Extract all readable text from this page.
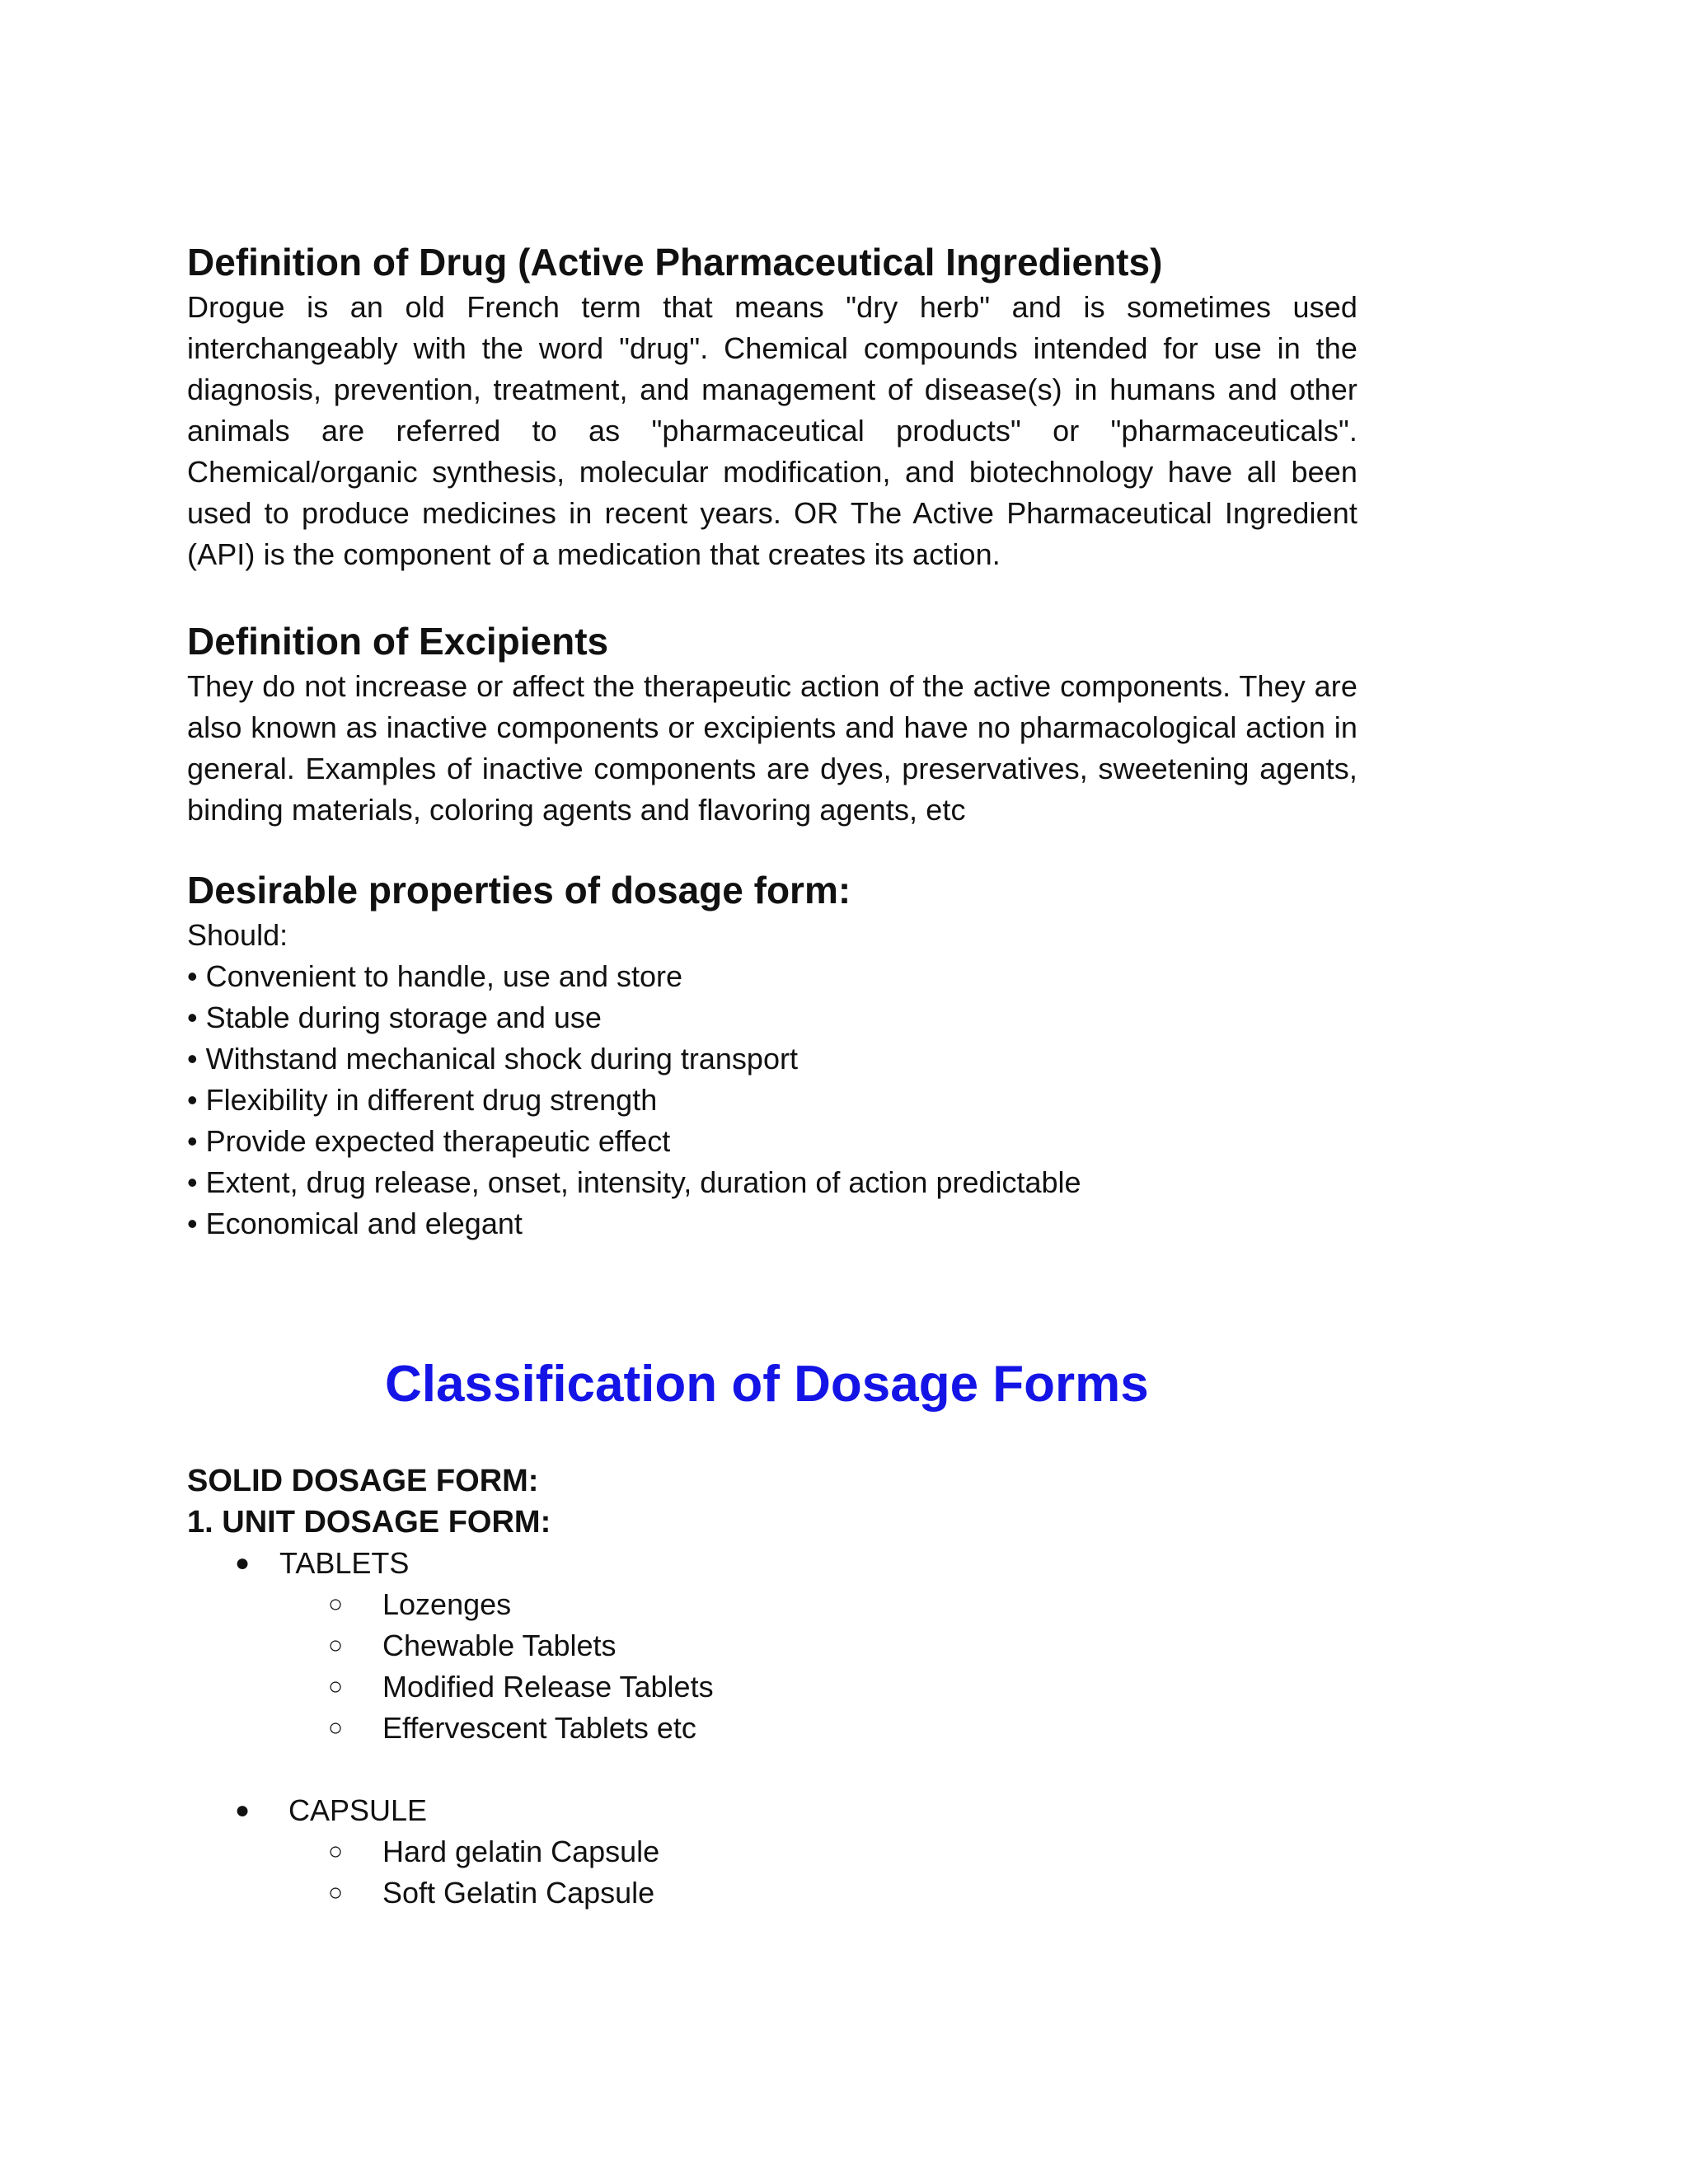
Definition of Drug (Active Pharmaceutical Ingredients)

Drogue is an old French term that means "dry herb" and is sometimes used interchangeably with the word "drug". Chemical compounds intended for use in the diagnosis, prevention, treatment, and management of disease(s) in humans and other animals are referred to as "pharmaceutical products" or "pharmaceuticals". Chemical/organic synthesis, molecular modification, and biotechnology have all been used to produce medicines in recent years. OR The Active Pharmaceutical Ingredient (API) is the component of a medication that creates its action.

Definition of Excipients

They do not increase or affect the therapeutic action of the active components. They are also known as inactive components or excipients and have no pharmacological action in general. Examples of inactive components are dyes, preservatives, sweetening agents, binding materials, coloring agents and flavoring agents, etc

Desirable properties of dosage form:

Should:

• Convenient to handle, use and store
• Stable during storage and use
• Withstand mechanical shock during transport
• Flexibility in different drug strength
• Provide expected therapeutic effect
• Extent, drug release, onset, intensity, duration of action predictable
• Economical and elegant
Classification of Dosage Forms

SOLID DOSAGE FORM:

1. UNIT DOSAGE FORM:

● TABLETS
○ Lozenges
○ Chewable Tablets
○ Modified Release Tablets
○ Effervescent Tablets etc
● CAPSULE
○ Hard gelatin Capsule
○ Soft Gelatin Capsule
